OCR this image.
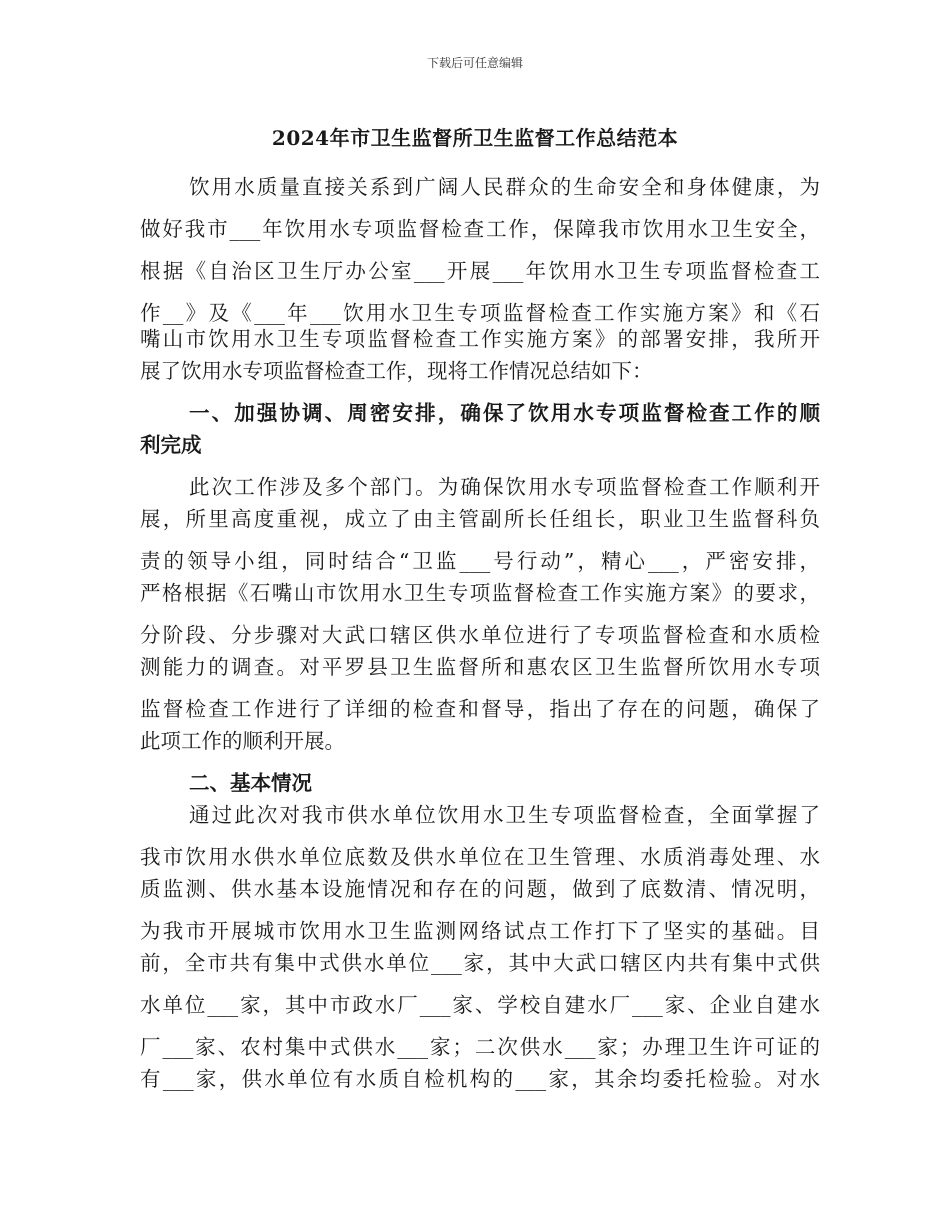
下载后可任意编辑
2024年市卫生监督所卫生监督工作总结范本
饮用水质量直接关系到广阔人民群众的生命安全和身体健康，为
做好我市___年饮用水专项监督检查工作，保障我市饮用水卫生安全，
根据《自治区卫生厅办公室___开展___年饮用水卫生专项监督检查工
作__》及《___年___饮用水卫生专项监督检查工作实施方案》和《石
嘴山市饮用水卫生专项监督检查工作实施方案》的部署安排，我所开
展了饮用水专项监督检查工作，现将工作情况总结如下：
一、加强协调、周密安排，确保了饮用水专项监督检查工作的顺
利完成
此次工作涉及多个部门。为确保饮用水专项监督检查工作顺利开
展，所里高度重视，成立了由主管副所长任组长，职业卫生监督科负
责的领导小组，同时结合“卫监___号行动”，精心___，严密安排，
严格根据《石嘴山市饮用水卫生专项监督检查工作实施方案》的要求，
分阶段、分步骤对大武口辖区供水单位进行了专项监督检查和水质检
测能力的调查。对平罗县卫生监督所和惠农区卫生监督所饮用水专项
监督检查工作进行了详细的检查和督导，指出了存在的问题，确保了
此项工作的顺利开展。
二、基本情况
通过此次对我市供水单位饮用水卫生专项监督检查，全面掌握了
我市饮用水供水单位底数及供水单位在卫生管理、水质消毒处理、水
质监测、供水基本设施情况和存在的问题，做到了底数清、情况明，
为我市开展城市饮用水卫生监测网络试点工作打下了坚实的基础。目
前，全市共有集中式供水单位___家，其中大武口辖区内共有集中式供
水单位___家，其中市政水厂___家、学校自建水厂___家、企业自建水
厂___家、农村集中式供水___家；二次供水___家；办理卫生许可证的
有___家，供水单位有水质自检机构的___家，其余均委托检验。对水
